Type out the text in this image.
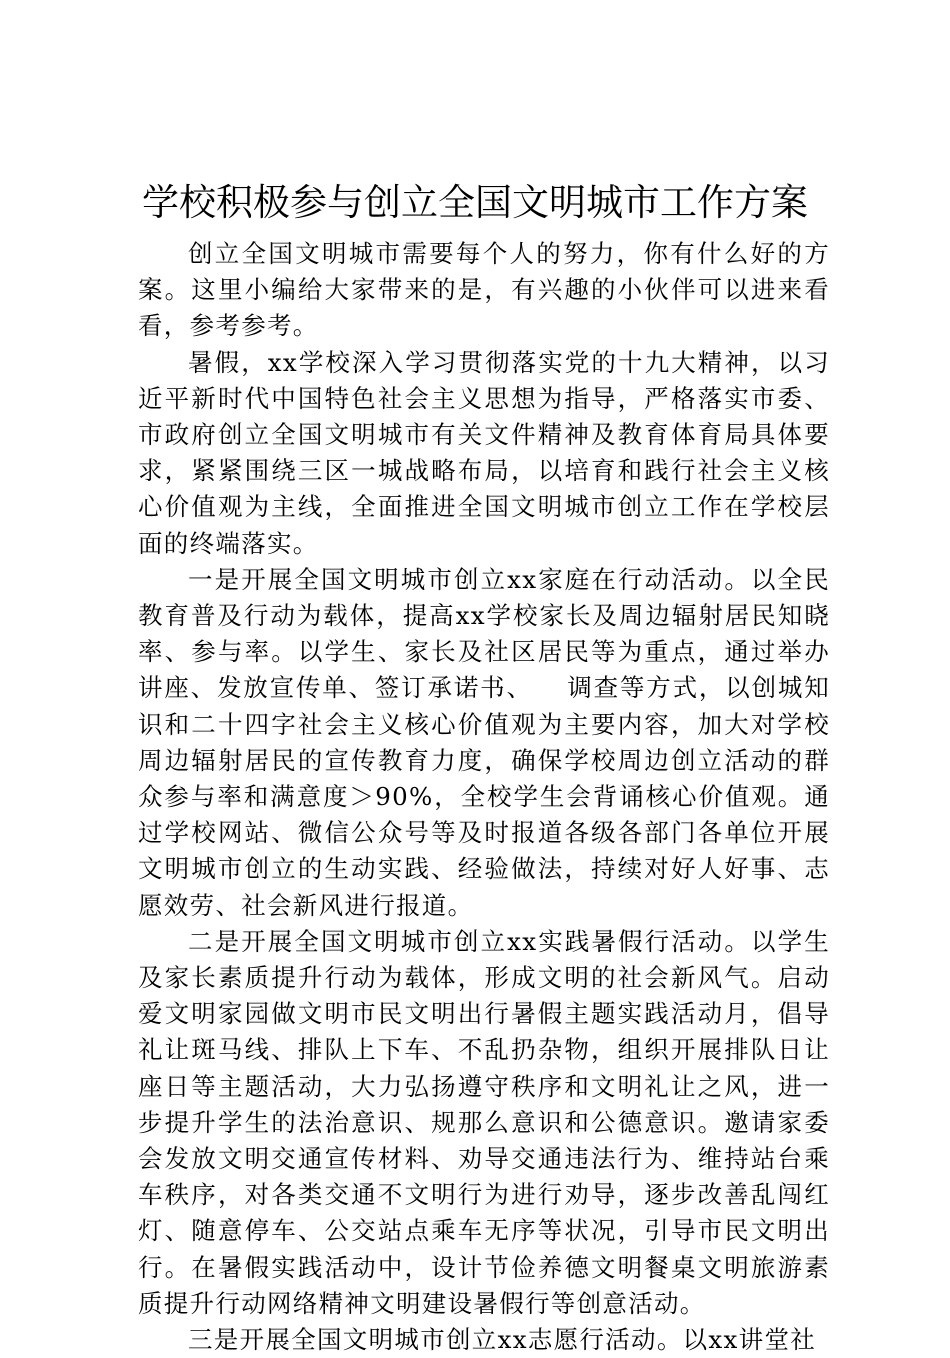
学校积极参与创立全国文明城市工作方案

创立全国文明城市需要每个人的努力，你有什么好的方案。这里小编给大家带来的是，有兴趣的小伙伴可以进来看看，参考参考。

暑假，xx学校深入学习贯彻落实党的十九大精神，以习近平新时代中国特色社会主义思想为指导，严格落实市委、市政府创立全国文明城市有关文件精神及教育体育局具体要求，紧紧围绕三区一城战略布局，以培育和践行社会主义核心价值观为主线，全面推进全国文明城市创立工作在学校层面的终端落实。

一是开展全国文明城市创立xx家庭在行动活动。以全民教育普及行动为载体，提高xx学校家长及周边辐射居民知晓率、参与率。以学生、家长及社区居民等为重点，通过举办讲座、发放宣传单、签订承诺书、 调查等方式，以创城知识和二十四字社会主义核心价值观为主要内容，加大对学校周边辐射居民的宣传教育力度，确保学校周边创立活动的群众参与率和满意度＞90%，全校学生会背诵核心价值观。通过学校网站、微信公众号等及时报道各级各部门各单位开展文明城市创立的生动实践、经验做法，持续对好人好事、志愿效劳、社会新风进行报道。

二是开展全国文明城市创立xx实践暑假行活动。以学生及家长素质提升行动为载体，形成文明的社会新风气。启动爱文明家园做文明市民文明出行暑假主题实践活动月，倡导礼让斑马线、排队上下车、不乱扔杂物，组织开展排队日让座日等主题活动，大力弘扬遵守秩序和文明礼让之风，进一步提升学生的法治意识、规那么意识和公德意识。邀请家委会发放文明交通宣传材料、劝导交通违法行为、维持站台乘车秩序，对各类交通不文明行为进行劝导，逐步改善乱闯红灯、随意停车、公交站点乘车无序等状况，引导市民文明出行。在暑假实践活动中，设计节俭养德文明餐桌文明旅游素质提升行动网络精神文明建设暑假行等创意活动。

三是开展全国文明城市创立xx志愿行活动。以xx讲堂社
